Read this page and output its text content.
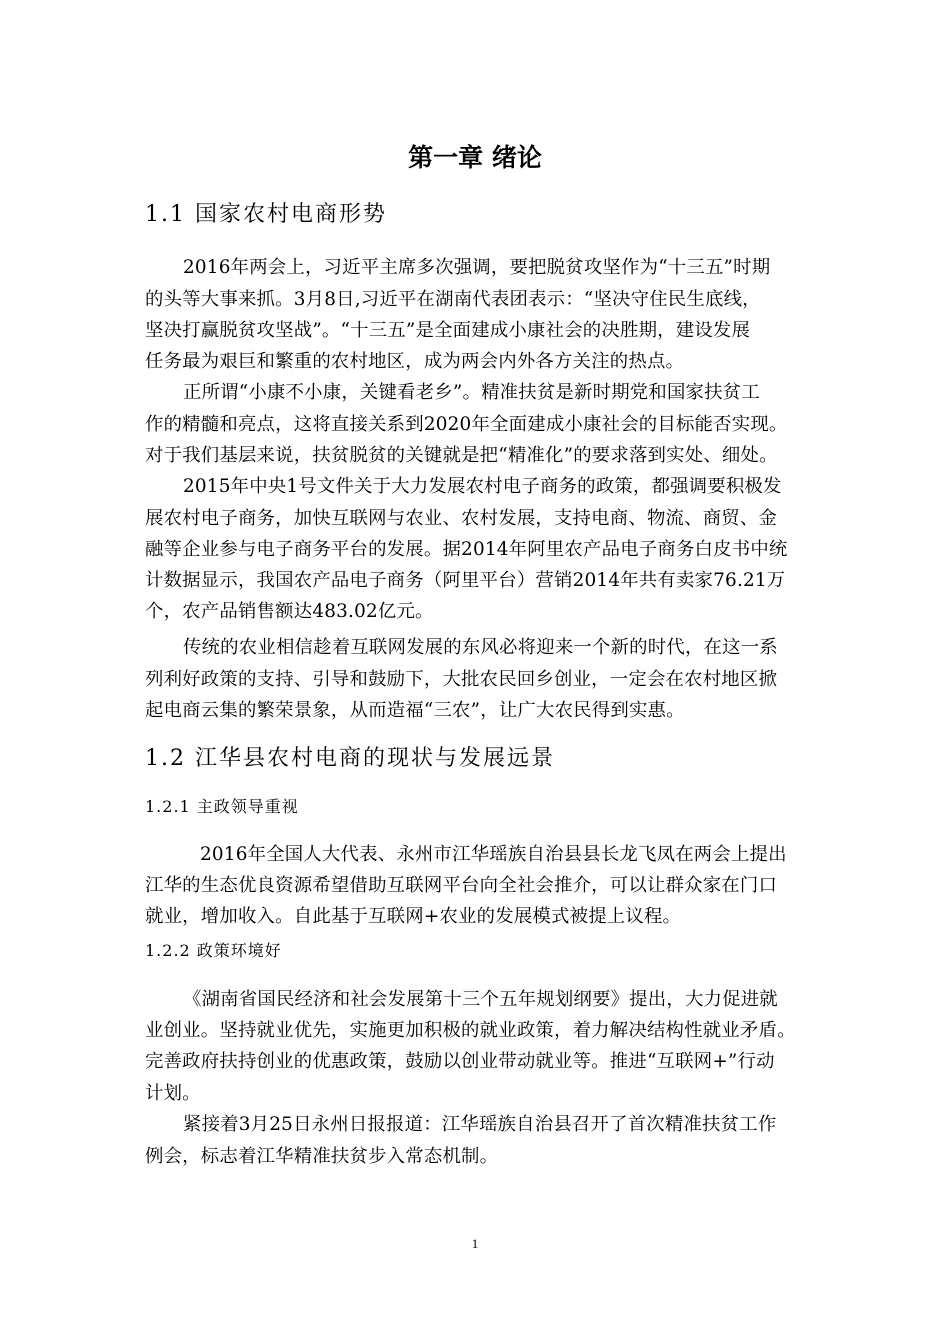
第一章 绪论
1.1 国家农村电商形势
2016年两会上，习近平主席多次强调，要把脱贫攻坚作为“十三五”时期
的头等大事来抓。3月8日,习近平在湖南代表团表示：“坚决守住民生底线，
坚决打赢脱贫攻坚战”。“十三五”是全面建成小康社会的决胜期，建设发展
任务最为艰巨和繁重的农村地区，成为两会内外各方关注的热点。
正所谓“小康不小康，关键看老乡”。精准扶贫是新时期党和国家扶贫工
作的精髓和亮点，这将直接关系到2020年全面建成小康社会的目标能否实现。
对于我们基层来说，扶贫脱贫的关键就是把“精准化”的要求落到实处、细处。
2015年中央1号文件关于大力发展农村电子商务的政策，都强调要积极发
展农村电子商务，加快互联网与农业、农村发展，支持电商、物流、商贸、金
融等企业参与电子商务平台的发展。据2014年阿里农产品电子商务白皮书中统
计数据显示，我国农产品电子商务（阿里平台）营销2014年共有卖家76.21万
个，农产品销售额达483.02亿元。
传统的农业相信趁着互联网发展的东风必将迎来一个新的时代，在这一系
列利好政策的支持、引导和鼓励下，大批农民回乡创业，一定会在农村地区掀
起电商云集的繁荣景象，从而造福“三农”，让广大农民得到实惠。
1.2 江华县农村电商的现状与发展远景
1.2.1 主政领导重视
2016年全国人大代表、永州市江华瑶族自治县县长龙飞凤在两会上提出
江华的生态优良资源希望借助互联网平台向全社会推介，可以让群众家在门口
就业，增加收入。自此基于互联网+农业的发展模式被提上议程。
1.2.2 政策环境好
《湖南省国民经济和社会发展第十三个五年规划纲要》提出，大力促进就
业创业。坚持就业优先，实施更加积极的就业政策，着力解决结构性就业矛盾。
完善政府扶持创业的优惠政策，鼓励以创业带动就业等。推进“互联网+”行动
计划。
紧接着3月25日永州日报报道：江华瑶族自治县召开了首次精准扶贫工作
例会，标志着江华精准扶贫步入常态机制。
1
